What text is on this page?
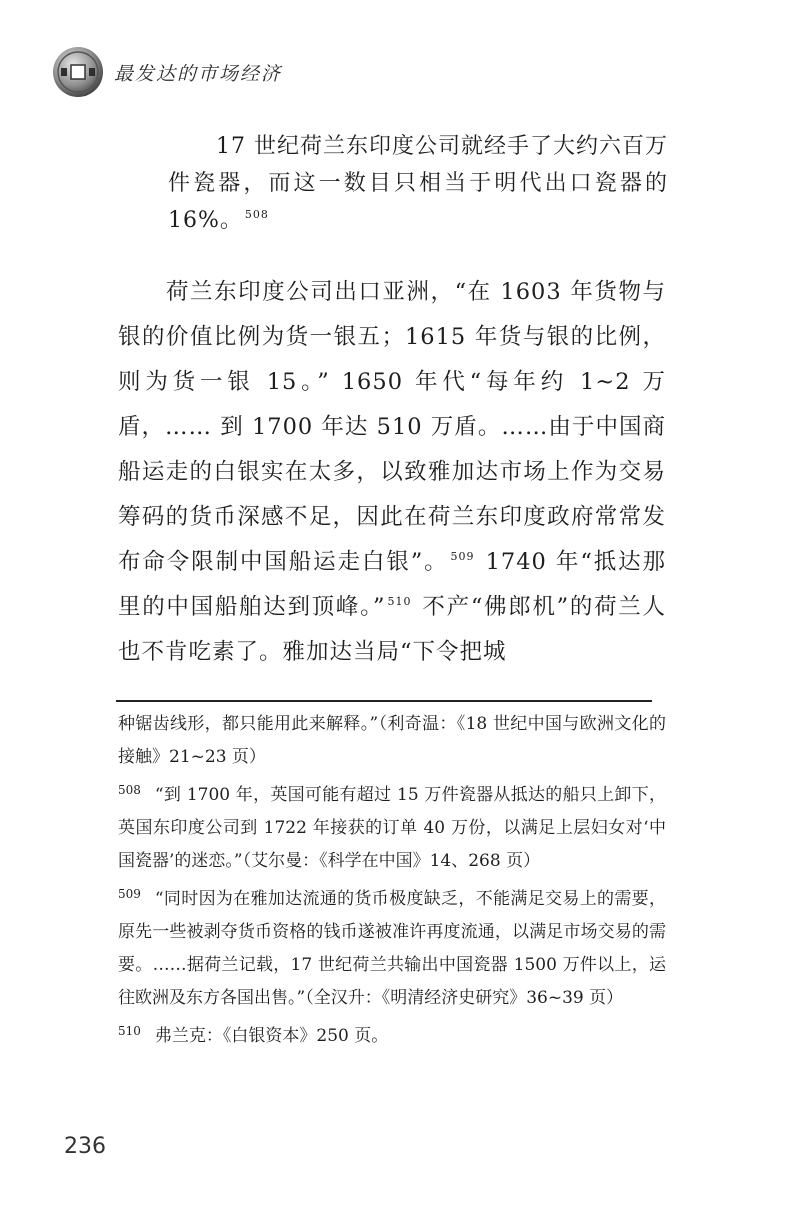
最发达的市场经济
17 世纪荷兰东印度公司就经手了大约六百万件瓷器，而这一数目只相当于明代出口瓷器的 16%。 $^{508}$
荷兰东印度公司出口亚洲，“在 1603 年货物与银的价值比例为货一银五；1615 年货与银的比例，则为货一银 15。” 1650 年代“每年约 1~2 万盾，…… 到 1700 年达 510 万盾。……由于中国商船运走的白银实在太多，以致雅加达市场上作为交易筹码的货币深感不足，因此在荷兰东印度政府常常发布命令限制中国船运走白银”。 $^{509}$ 1740 年“抵达那里的中国船舶达到顶峰。” $^{510}$ 不产“佛郎机”的荷兰人也不肯吃素了。雅加达当局“下令把城

种锯齿线形，都只能用此来解释。”（利奇温：《18 世纪中国与欧洲文化的接触》21~23 页）

$^{508}$ “到 1700 年，英国可能有超过 15 万件瓷器从抵达的船只上卸下，英国东印度公司到 1722 年接获的订单 40 万份，以满足上层妇女对‘中国瓷器’的迷恋。”（艾尔曼：《科学在中国》14、268 页）

$^{509}$ “同时因为在雅加达流通的货币极度缺乏，不能满足交易上的需要，原先一些被剥夺货币资格的钱币遂被准许再度流通，以满足市场交易的需要。……据荷兰记载，17 世纪荷兰共输出中国瓷器 1500 万件以上，运往欧洲及东方各国出售。”（全汉升：《明清经济史研究》36~39 页）

$^{510}$ 弗兰克：《白银资本》250 页。

236
